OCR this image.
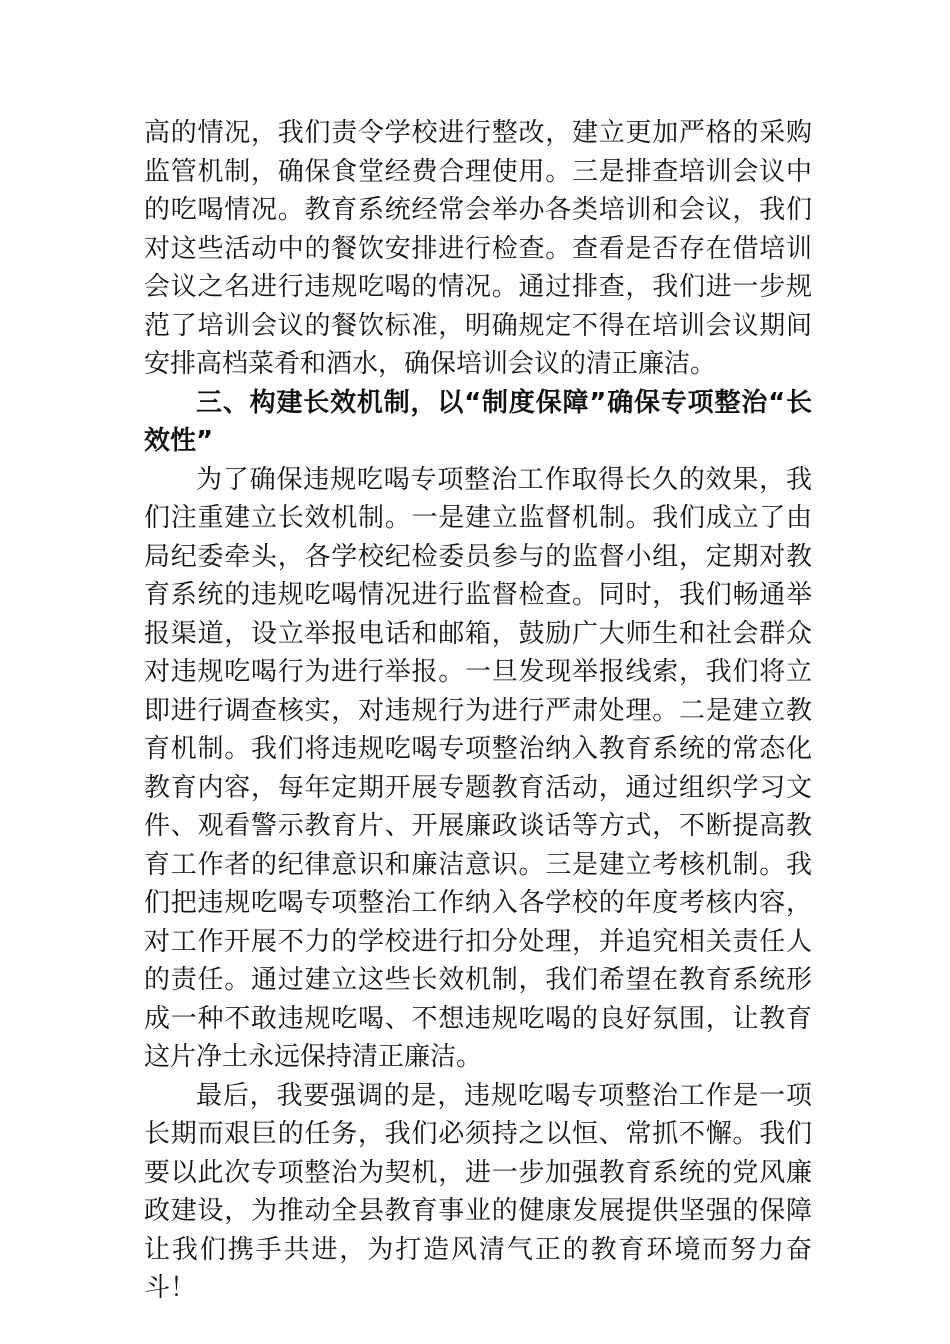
高的情况，我们责令学校进行整改，建立更加严格的采购监管机制，确保食堂经费合理使用。三是排查培训会议中的吃喝情况。教育系统经常会举办各类培训和会议，我们对这些活动中的餐饮安排进行检查。查看是否存在借培训会议之名进行违规吃喝的情况。通过排查，我们进一步规范了培训会议的餐饮标准，明确规定不得在培训会议期间安排高档菜肴和酒水，确保培训会议的清正廉洁。

三、构建长效机制，以“制度保障”确保专项整治“长效性”

为了确保违规吃喝专项整治工作取得长久的效果，我们注重建立长效机制。一是建立监督机制。我们成立了由局纪委牵头，各学校纪检委员参与的监督小组，定期对教育系统的违规吃喝情况进行监督检查。同时，我们畅通举报渠道，设立举报电话和邮箱，鼓励广大师生和社会群众对违规吃喝行为进行举报。一旦发现举报线索，我们将立即进行调查核实，对违规行为进行严肃处理。二是建立教育机制。我们将违规吃喝专项整治纳入教育系统的常态化教育内容，每年定期开展专题教育活动，通过组织学习文件、观看警示教育片、开展廉政谈话等方式，不断提高教育工作者的纪律意识和廉洁意识。三是建立考核机制。我们把违规吃喝专项整治工作纳入各学校的年度考核内容，对工作开展不力的学校进行扣分处理，并追究相关责任人的责任。通过建立这些长效机制，我们希望在教育系统形成一种不敢违规吃喝、不想违规吃喝的良好氛围，让教育这片净土永远保持清正廉洁。

最后，我要强调的是，违规吃喝专项整治工作是一项长期而艰巨的任务，我们必须持之以恒、常抓不懈。我们要以此次专项整治为契机，进一步加强教育系统的党风廉政建设，为推动全县教育事业的健康发展提供坚强的保障让我们携手共进，为打造风清气正的教育环境而努力奋斗！
